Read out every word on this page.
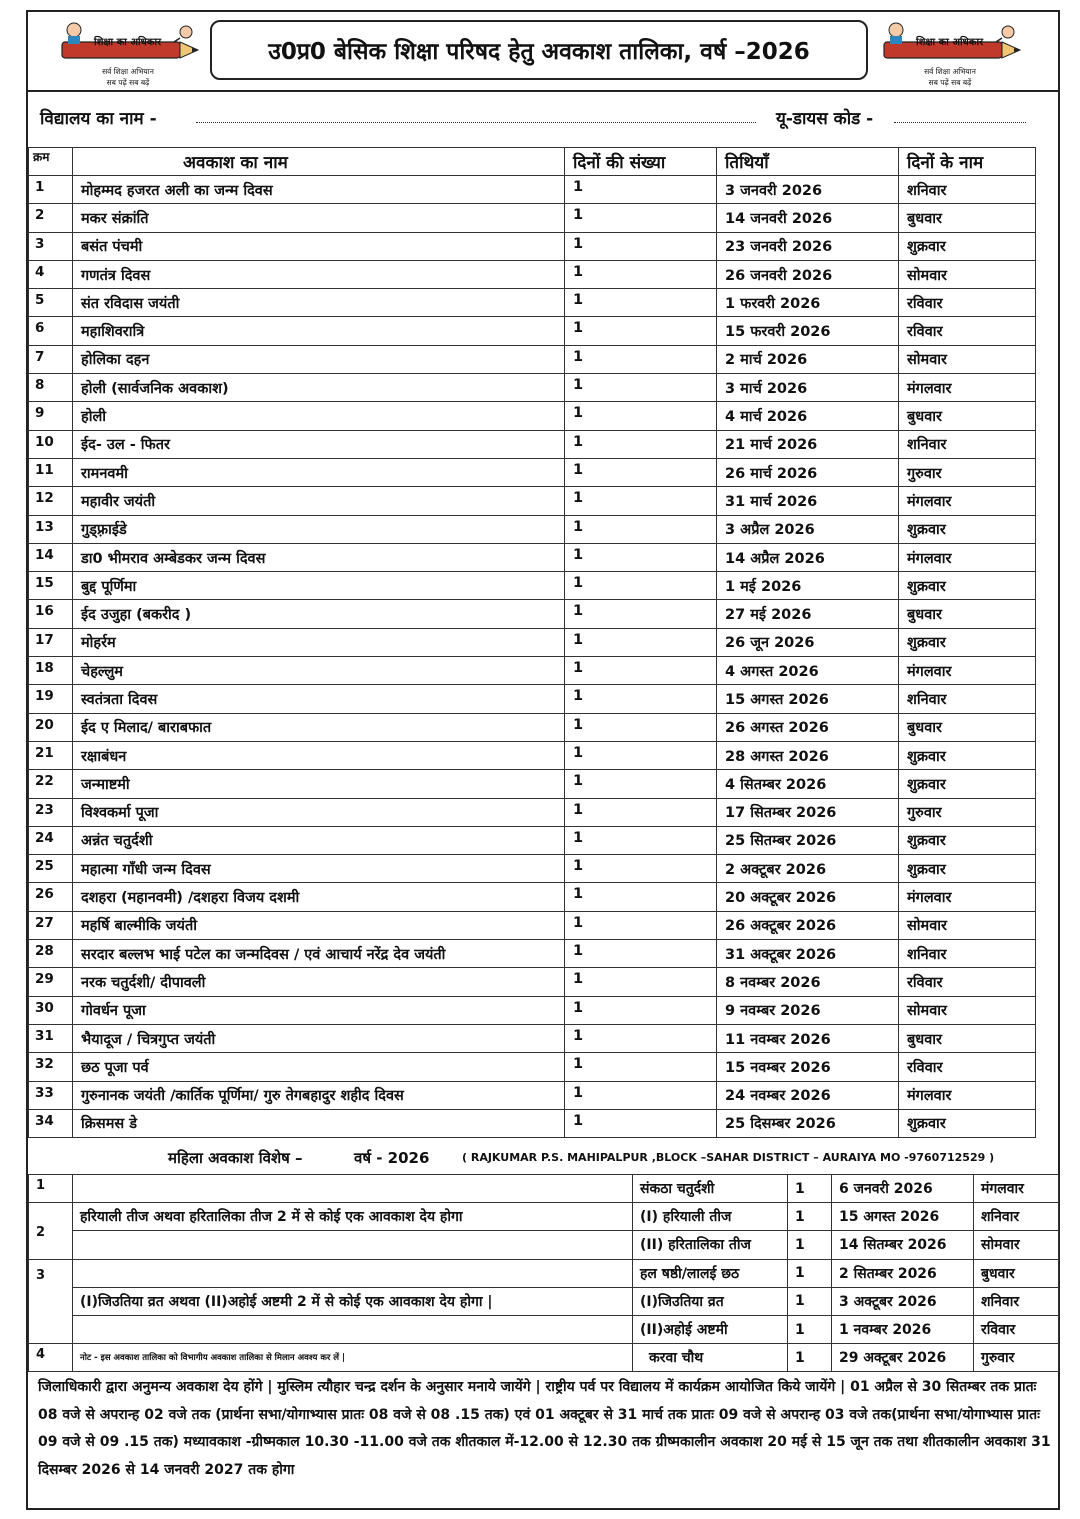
शिक्षा का अधिकार
सर्व शिक्षा अभियान
सब पढ़ें सब बढ़ें
उ0प्र0 बेसिक शिक्षा परिषद हेतु अवकाश तालिका, वर्ष –2026	शिक्षा का अधिकार
सर्व शिक्षा अभियान
सब पढ़ें सब बढ़ें
विद्यालय का नाम -	यू-डायस कोड -
क्रम	अवकाश का नाम	दिनों की संख्या	तिथियाँ	दिनों के नाम
1	मोहम्मद हजरत अली का जन्म दिवस	1	3 जनवरी 2026	शनिवार
2	मकर संक्रांति	1	14 जनवरी 2026	बुधवार
3	बसंत पंचमी	1	23 जनवरी 2026	शुक्रवार
4	गणतंत्र दिवस	1	26 जनवरी 2026	सोमवार
5	संत रविदास जयंती	1	1 फरवरी 2026	रविवार
6	महाशिवरात्रि	1	15 फरवरी 2026	रविवार
7	होलिका दहन	1	2 मार्च 2026	सोमवार
8	होली (सार्वजनिक अवकाश)	1	3 मार्च 2026	मंगलवार
9	होली	1	4 मार्च 2026	बुधवार
10	ईद- उल - फितर	1	21 मार्च 2026	शनिवार
11	रामनवमी	1	26 मार्च 2026	गुरुवार
12	महावीर जयंती	1	31 मार्च 2026	मंगलवार
13	गुड्फ़्राईडे	1	3 अप्रैल 2026	शुक्रवार
14	डा0 भीमराव अम्बेडकर जन्म दिवस	1	14 अप्रैल 2026	मंगलवार
15	बुद्द पूर्णिमा	1	1 मई 2026	शुक्रवार
16	ईद उजुहा (बकरीद )	1	27 मई 2026	बुधवार
17	मोहर्रम	1	26 जून 2026	शुक्रवार
18	चेहल्लुम	1	4 अगस्त 2026	मंगलवार
19	स्वतंत्रता दिवस	1	15 अगस्त 2026	शनिवार
20	ईद ए मिलाद/ बाराबफात	1	26 अगस्त 2026	बुधवार
21	रक्षाबंधन	1	28 अगस्त 2026	शुक्रवार
22	जन्माष्टमी	1	4 सितम्बर 2026	शुक्रवार
23	विश्वकर्मा पूजा	1	17 सितम्बर 2026	गुरुवार
24	अन्नंत चतुर्दशी	1	25 सितम्बर 2026	शुक्रवार
25	महात्मा गाँधी जन्म दिवस	1	2 अक्टूबर 2026	शुक्रवार
26	दशहरा (महानवमी) /दशहरा विजय दशमी	1	20 अक्टूबर 2026	मंगलवार
27	महर्षि बाल्मीकि जयंती	1	26 अक्टूबर 2026	सोमवार
28	सरदार बल्लभ भाई पटेल का जन्मदिवस / एवं आचार्य नरेंद्र देव जयंती	1	31 अक्टूबर 2026	शनिवार
29	नरक चतुर्दशी/ दीपावली	1	8 नवम्बर 2026	रविवार
30	गोवर्धन पूजा	1	9 नवम्बर 2026	सोमवार
31	भैयादूज / चित्रगुप्त जयंती	1	11 नवम्बर 2026	बुधवार
32	छठ पूजा पर्व	1	15 नवम्बर 2026	रविवार
33	गुरुनानक जयंती /कार्तिक पूर्णिमा/ गुरु तेगबहादुर शहीद दिवस	1	24 नवम्बर 2026	मंगलवार
34	क्रिसमस डे	1	25 दिसम्बर 2026	शुक्रवार
महिला अवकाश विशेष –	वर्ष - 2026	( RAJKUMAR P.S. MAHIPALPUR ,BLOCK –SAHAR DISTRICT – AURAIYA MO -9760712529 )
1		संकठा चतुर्दशी	1	6 जनवरी 2026	मंगलवार
2	हरियाली तीज अथवा हरितालिका तीज 2 में से कोई एक आवकाश देय होगा	(I) हरियाली तीज	1	15 अगस्त 2026	शनिवार
		(II) हरितालिका तीज	1	14 सितम्बर 2026	सोमवार
3		हल षष्ठी/लालई छठ	1	2 सितम्बर 2026	बुधवार
	(I)जिउतिया व्रत अथवा (II)अहोई अष्टमी 2 में से कोई एक आवकाश देय होगा |	(I)जिउतिया व्रत	1	3 अक्टूबर 2026	शनिवार
		(II)अहोई अष्टमी	1	1 नवम्बर 2026	रविवार
4	नोट - इस अवकाश तालिका को विभागीय अवकाश तालिका से मिलान अवश्य कर लें |	करवा चौथ	1	29 अक्टूबर 2026	गुरुवार
जिलाधिकारी द्वारा अनुमन्य अवकाश देय होंगे | मुस्लिम त्यौहार चन्द्र दर्शन के अनुसार मनाये जायेंगे | राष्ट्रीय पर्व पर विद्यालय में कार्यक्रम आयोजित किये जायेंगे | 01 अप्रैल से 30 सितम्बर तक प्रातः 08 वजे से अपरान्ह 02 वजे तक (प्रार्थना सभा/योगाभ्यास प्रातः 08 वजे से 08 .15 तक) एवं 01 अक्टूबर से 31 मार्च तक प्रातः 09 वजे से अपरान्ह 03 वजे तक(प्रार्थना सभा/योगाभ्यास प्रातः 09 वजे से 09 .15 तक) मध्यावकाश -ग्रीष्मकाल 10.30 -11.00 वजे तक शीतकाल में-12.00 से 12.30 तक ग्रीष्मकालीन अवकाश 20 मई से 15 जून तक तथा शीतकालीन अवकाश 31 दिसम्बर 2026 से 14 जनवरी 2027 तक होगा
